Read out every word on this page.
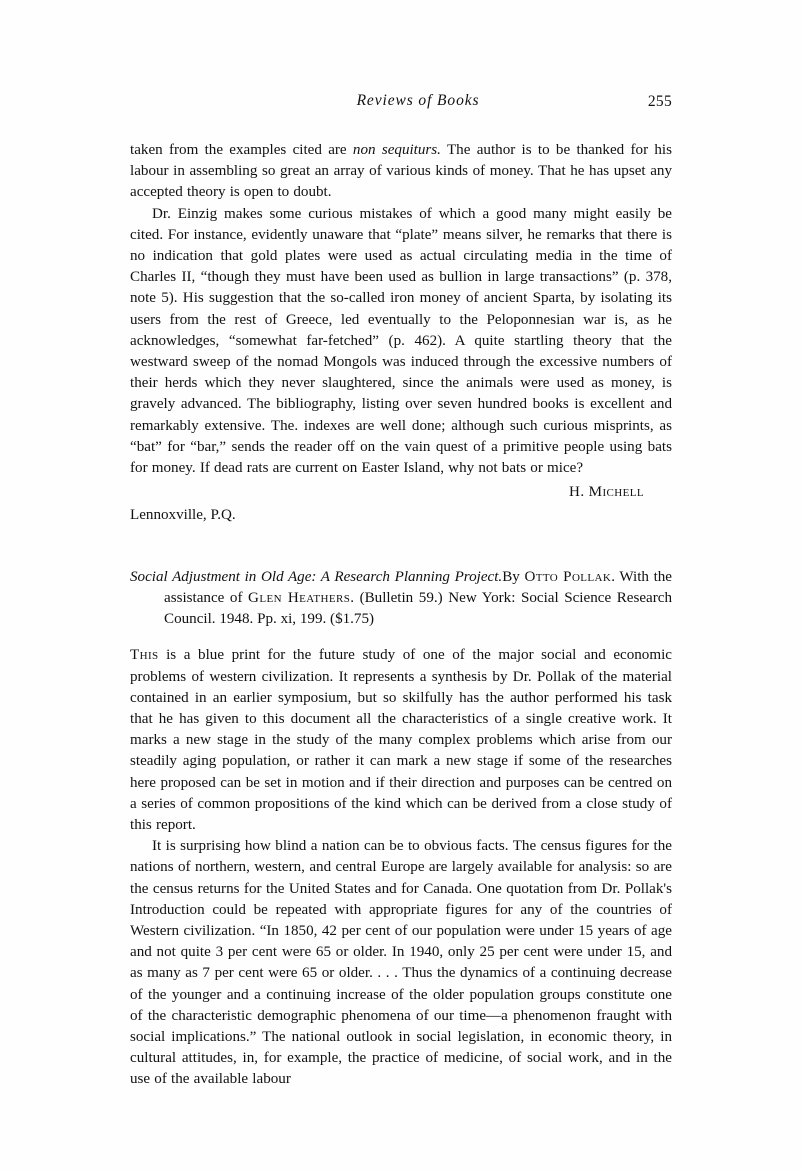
Reviews of Books	255

taken from the examples cited are non sequiturs. The author is to be thanked for his labour in assembling so great an array of various kinds of money. That he has upset any accepted theory is open to doubt.

Dr. Einzig makes some curious mistakes of which a good many might easily be cited. For instance, evidently unaware that “plate” means silver, he remarks that there is no indication that gold plates were used as actual circulating media in the time of Charles II, “though they must have been used as bullion in large transactions” (p. 378, note 5). His suggestion that the so-called iron money of ancient Sparta, by isolating its users from the rest of Greece, led eventually to the Peloponnesian war is, as he acknowledges, “somewhat far-fetched” (p. 462). A quite startling theory that the westward sweep of the nomad Mongols was induced through the excessive numbers of their herds which they never slaughtered, since the animals were used as money, is gravely advanced. The bibliography, listing over seven hundred books is excellent and remarkably extensive. The. indexes are well done; although such curious misprints, as “bat” for “bar,” sends the reader off on the vain quest of a primitive people using bats for money. If dead rats are current on Easter Island, why not bats or mice?

H. Michell
Lennoxville, P.Q.

Social Adjustment in Old Age: A Research Planning Project.By Otto Pollak. With the assistance of Glen Heathers. (Bulletin 59.) New York: Social Science Research Council. 1948. Pp. xi, 199. ($1.75)

This is a blue print for the future study of one of the major social and economic problems of western civilization. It represents a synthesis by Dr. Pollak of the material contained in an earlier symposium, but so skilfully has the author performed his task that he has given to this document all the characteristics of a single creative work. It marks a new stage in the study of the many complex problems which arise from our steadily aging population, or rather it can mark a new stage if some of the researches here proposed can be set in motion and if their direction and purposes can be centred on a series of common propositions of the kind which can be derived from a close study of this report.

It is surprising how blind a nation can be to obvious facts. The census figures for the nations of northern, western, and central Europe are largely available for analysis: so are the census returns for the United States and for Canada. One quotation from Dr. Pollak's Introduction could be repeated with appropriate figures for any of the countries of Western civilization. “In 1850, 42 per cent of our population were under 15 years of age and not quite 3 per cent were 65 or older. In 1940, only 25 per cent were under 15, and as many as 7 per cent were 65 or older. . . . Thus the dynamics of a continuing decrease of the younger and a continuing increase of the older population groups constitute one of the characteristic demographic phenomena of our time—a phenomenon fraught with social implications.” The national outlook in social legislation, in economic theory, in cultural attitudes, in, for example, the practice of medicine, of social work, and in the use of the available labour
